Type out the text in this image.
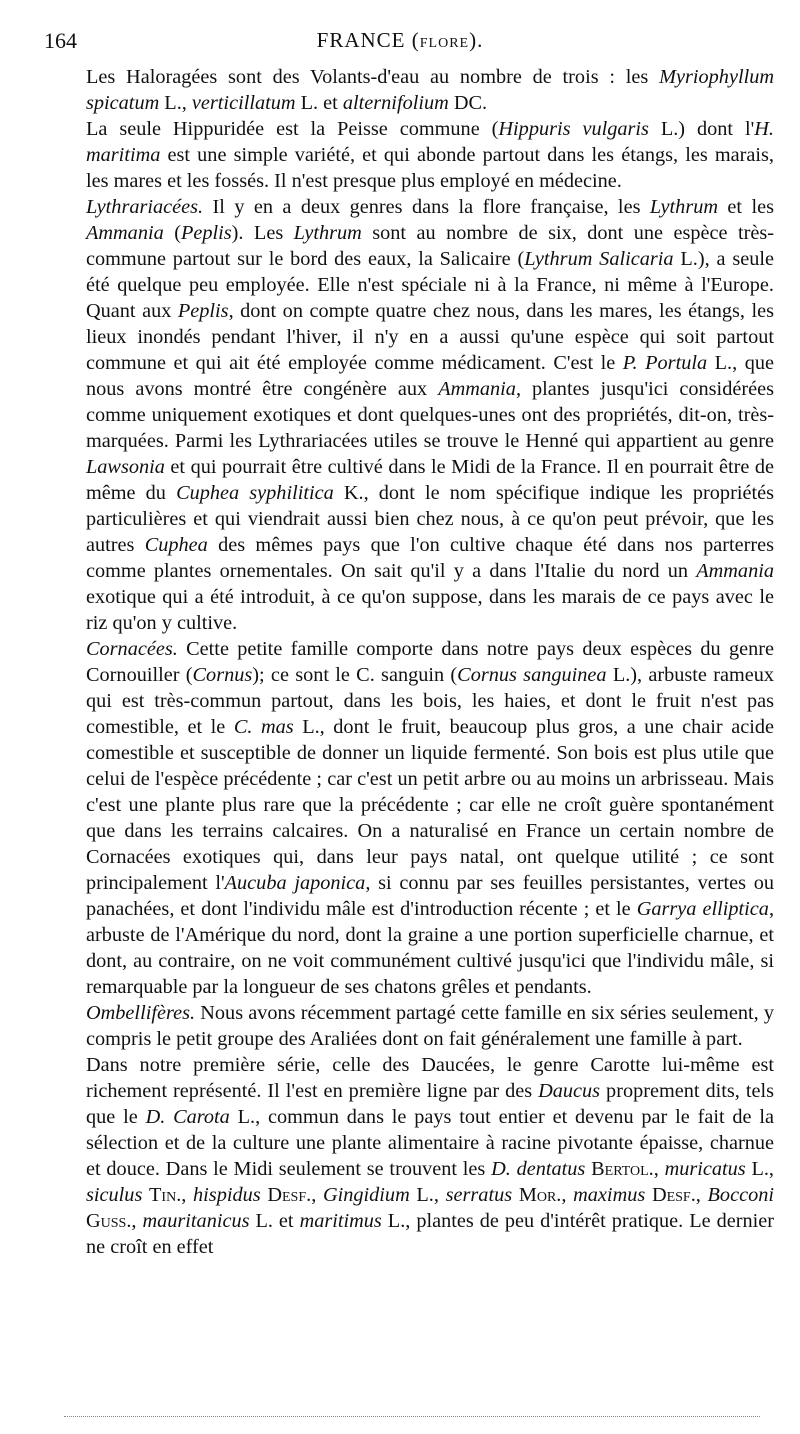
164	FRANCE (FLORE).

Les Haloragées sont des Volants-d'eau au nombre de trois : les Myriophyllum spicatum L., verticillatum L. et alternifolium DC.

La seule Hippuridée est la Peisse commune (Hippuris vulgaris L.) dont l'H. maritima est une simple variété, et qui abonde partout dans les étangs, les marais, les mares et les fossés. Il n'est presque plus employé en médecine.

Lythrariacées. Il y en a deux genres dans la flore française, les Lythrum et les Ammania (Peplis). Les Lythrum sont au nombre de six, dont une espèce très-commune partout sur le bord des eaux, la Salicaire (Lythrum Salicaria L.), a seule été quelque peu employée. Elle n'est spéciale ni à la France, ni même à l'Europe. Quant aux Peplis, dont on compte quatre chez nous, dans les mares, les étangs, les lieux inondés pendant l'hiver, il n'y en a aussi qu'une espèce qui soit partout commune et qui ait été employée comme médicament. C'est le P. Portula L., que nous avons montré être congénère aux Ammania, plantes jusqu'ici considérées comme uniquement exotiques et dont quelques-unes ont des propriétés, dit-on, très-marquées. Parmi les Lythrariacées utiles se trouve le Henné qui appartient au genre Lawsonia et qui pourrait être cultivé dans le Midi de la France. Il en pourrait être de même du Cuphea syphilitica K., dont le nom spécifique indique les propriétés particulières et qui viendrait aussi bien chez nous, à ce qu'on peut prévoir, que les autres Cuphea des mêmes pays que l'on cultive chaque été dans nos parterres comme plantes ornementales. On sait qu'il y a dans l'Italie du nord un Ammania exotique qui a été introduit, à ce qu'on suppose, dans les marais de ce pays avec le riz qu'on y cultive.

Cornacées. Cette petite famille comporte dans notre pays deux espèces du genre Cornouiller (Cornus); ce sont le C. sanguin (Cornus sanguinea L.), arbuste rameux qui est très-commun partout, dans les bois, les haies, et dont le fruit n'est pas comestible, et le C. mas L., dont le fruit, beaucoup plus gros, a une chair acide comestible et susceptible de donner un liquide fermenté. Son bois est plus utile que celui de l'espèce précédente ; car c'est un petit arbre ou au moins un arbrisseau. Mais c'est une plante plus rare que la précédente ; car elle ne croît guère spontanément que dans les terrains calcaires. On a naturalisé en France un certain nombre de Cornacées exotiques qui, dans leur pays natal, ont quelque utilité ; ce sont principalement l'Aucuba japonica, si connu par ses feuilles persistantes, vertes ou panachées, et dont l'individu mâle est d'introduction récente ; et le Garrya elliptica, arbuste de l'Amérique du nord, dont la graine a une portion superficielle charnue, et dont, au contraire, on ne voit communément cultivé jusqu'ici que l'individu mâle, si remarquable par la longueur de ses chatons grêles et pendants.

Ombellifères. Nous avons récemment partagé cette famille en six séries seulement, y compris le petit groupe des Araliées dont on fait généralement une famille à part.

Dans notre première série, celle des Daucées, le genre Carotte lui-même est richement représenté. Il l'est en première ligne par des Daucus proprement dits, tels que le D. Carota L., commun dans le pays tout entier et devenu par le fait de la sélection et de la culture une plante alimentaire à racine pivotante épaisse, charnue et douce. Dans le Midi seulement se trouvent les D. dentatus Bertol., muricatus L., siculus Tin., hispidus Desf., Gingidium L., serratus Mor., maximus Desf., Bocconi Guss., mauritanicus L. et maritimus L., plantes de peu d'intérêt pratique. Le dernier ne croît en effet
